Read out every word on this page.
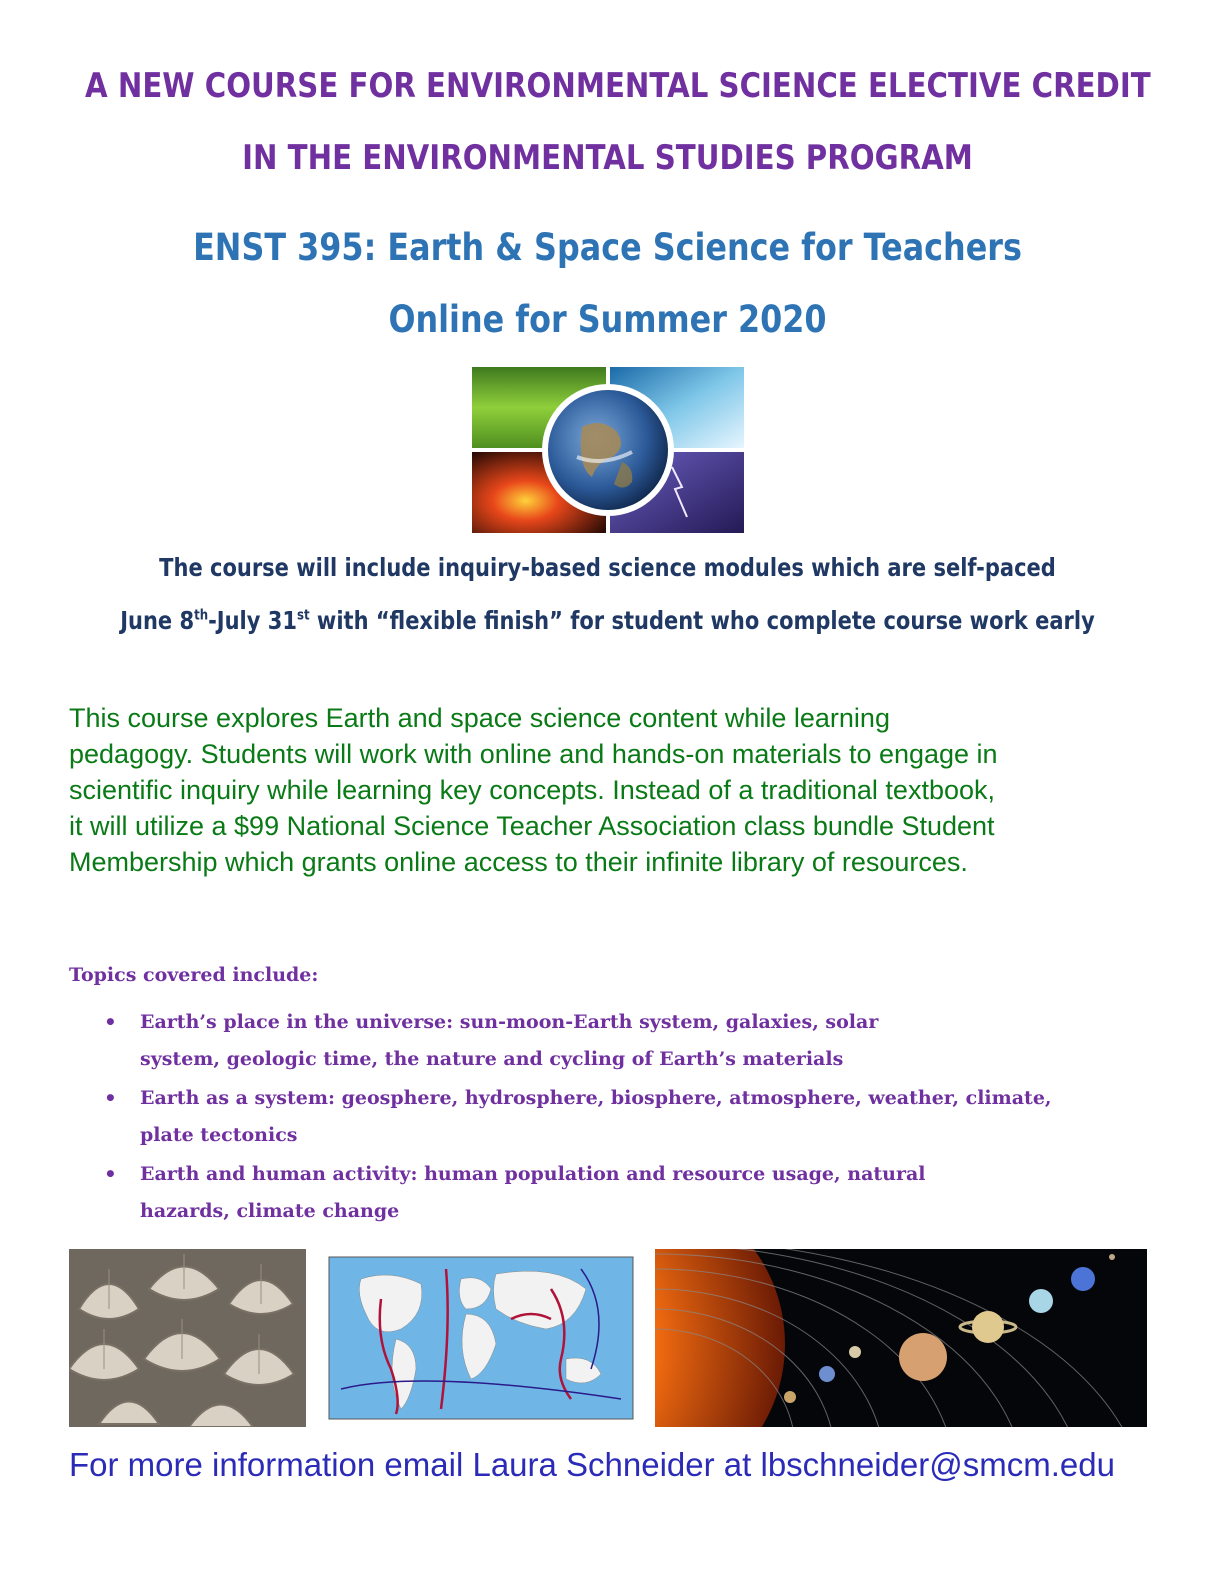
A NEW COURSE FOR ENVIRONMENTAL SCIENCE ELECTIVE CREDIT
IN THE ENVIRONMENTAL STUDIES PROGRAM
ENST 395: Earth & Space Science for Teachers
Online for Summer 2020
The course will include inquiry-based science modules which are self-paced
June 8th-July 31st with “flexible finish” for student who complete course work early
This course explores Earth and space science content while learning
pedagogy. Students will work with online and hands-on materials to engage in
scientific inquiry while learning key concepts. Instead of a traditional textbook,
it will utilize a $99 National Science Teacher Association class bundle Student
Membership which grants online access to their infinite library of resources.
Topics covered include:
• Earth’s place in the universe: sun-moon-Earth system, galaxies, solar
system, geologic time, the nature and cycling of Earth’s materials
• Earth as a system: geosphere, hydrosphere, biosphere, atmosphere, weather, climate,
plate tectonics
• Earth and human activity: human population and resource usage, natural
hazards, climate change
For more information email Laura Schneider at lbschneider@smcm.edu
